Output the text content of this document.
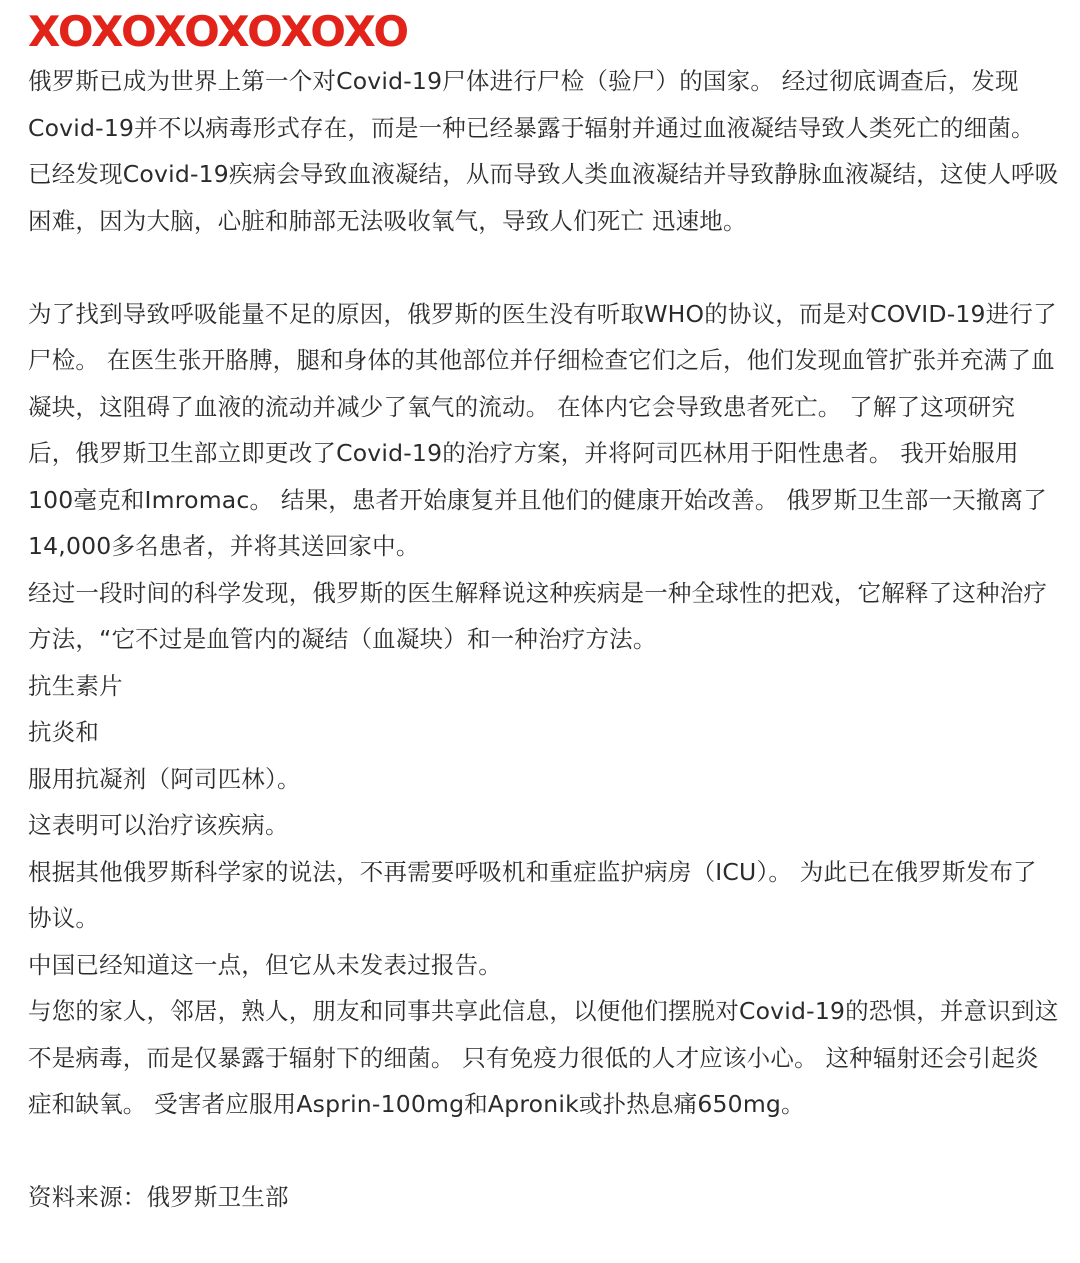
XOXOXOXOXOXO

俄罗斯已成为世界上第一个对Covid-19尸体进行尸检（验尸）的国家。 经过彻底调查后，发现Covid-19并不以病毒形式存在，而是一种已经暴露于辐射并通过血液凝结导致人类死亡的细菌。

已经发现Covid-19疾病会导致血液凝结，从而导致人类血液凝结并导致静脉血液凝结，这使人呼吸困难，因为大脑，心脏和肺部无法吸收氧气，导致人们死亡 迅速地。

为了找到导致呼吸能量不足的原因，俄罗斯的医生没有听取WHO的协议，而是对COVID-19进行了尸检。 在医生张开胳膊，腿和身体的其他部位并仔细检查它们之后，他们发现血管扩张并充满了血凝块，这阻碍了血液的流动并减少了氧气的流动。 在体内它会导致患者死亡。 了解了这项研究后，俄罗斯卫生部立即更改了Covid-19的治疗方案，并将阿司匹林用于阳性患者。 我开始服用100毫克和Imromac。 结果，患者开始康复并且他们的健康开始改善。 俄罗斯卫生部一天撤离了14,000多名患者，并将其送回家中。

经过一段时间的科学发现，俄罗斯的医生解释说这种疾病是一种全球性的把戏，它解释了这种治疗方法，“它不过是血管内的凝结（血凝块）和一种治疗方法。

抗生素片

抗炎和

服用抗凝剂（阿司匹林）。

这表明可以治疗该疾病。

根据其他俄罗斯科学家的说法，不再需要呼吸机和重症监护病房（ICU）。 为此已在俄罗斯发布了协议。

中国已经知道这一点，但它从未发表过报告。

与您的家人，邻居，熟人，朋友和同事共享此信息，以便他们摆脱对Covid-19的恐惧，并意识到这不是病毒，而是仅暴露于辐射下的细菌。 只有免疫力很低的人才应该小心。 这种辐射还会引起炎症和缺氧。 受害者应服用Asprin-100mg和Apronik或扑热息痛650mg。

资料来源：俄罗斯卫生部
